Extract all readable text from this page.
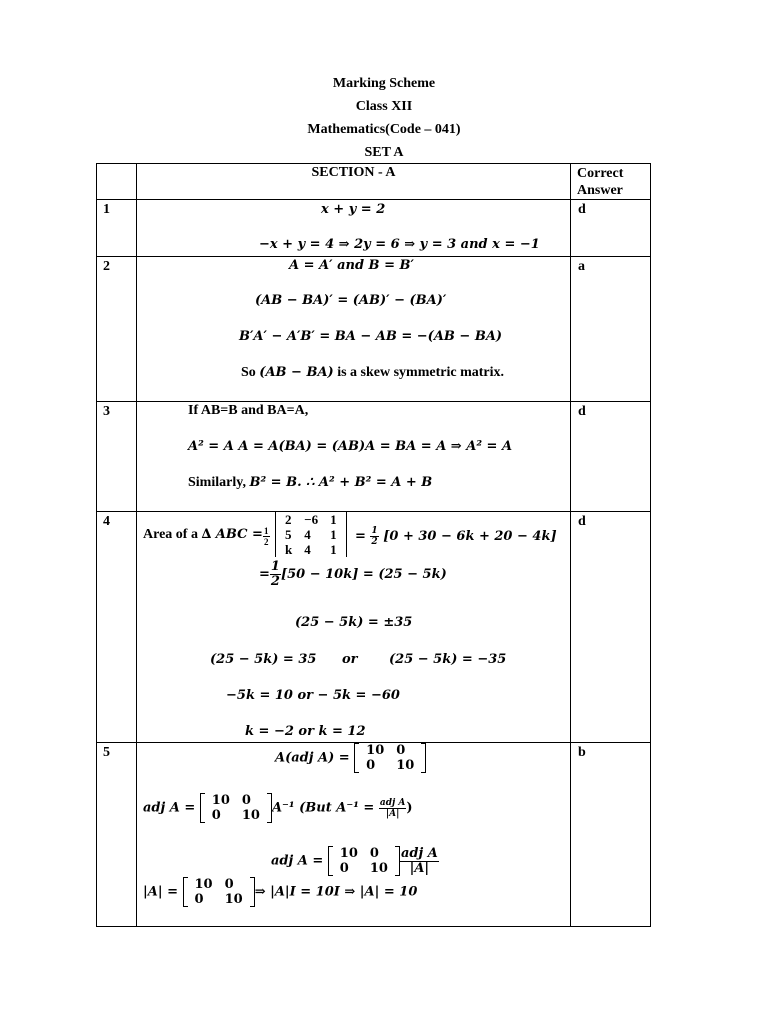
Marking Scheme
Class XII
Mathematics(Code – 041)
SET A
	SECTION - A	Correct
Answer

1	x + y = 2
−x + y = 4 ⇒ 2y = 6 ⇒ y = 3 and x = −1
	d
2	A = A′ and B = B′
(AB − BA)′ = (AB)′ − (BA)′
B′A′ − A′B′ = BA − AB = −(AB − BA)
So (AB − BA) is a skew symmetric matrix.
	a
3	If AB=B and BA=A,
A² = A A = A(BA) = (AB)A = BA = A ⇒ A² = A
Similarly, B² = B. ∴ A² + B² = A + B
	d
4	
Area of a ∆ ABC = $\frac{1}{2}$
2	−6	1
5	4	1
k	4	1
= $\frac{1}{2} [0 + 30 - 6k + 20 - 4k]$
= $\frac{1}{2} [50 - 10k] = (25 - 5k)$
(25 − 5k) = ±35
(25 − 5k) = 35 or (25 − 5k) = −35
−5k = 10 or − 5k = −60
k = −2 or k = 12
	d
5	A(adj A) = 10	0
0	10
adj A = 10	0
0	10 A⁻¹ (But $A^{-1} = \frac{\text{adj A}}{|A|}$ )
adj A = 10	0
0	$10 \frac{\text{adj A}}{|A|}$
|A| = 10	0
0	10 ⇒ |A|I = 10I ⇒ |A| = 10
	b
